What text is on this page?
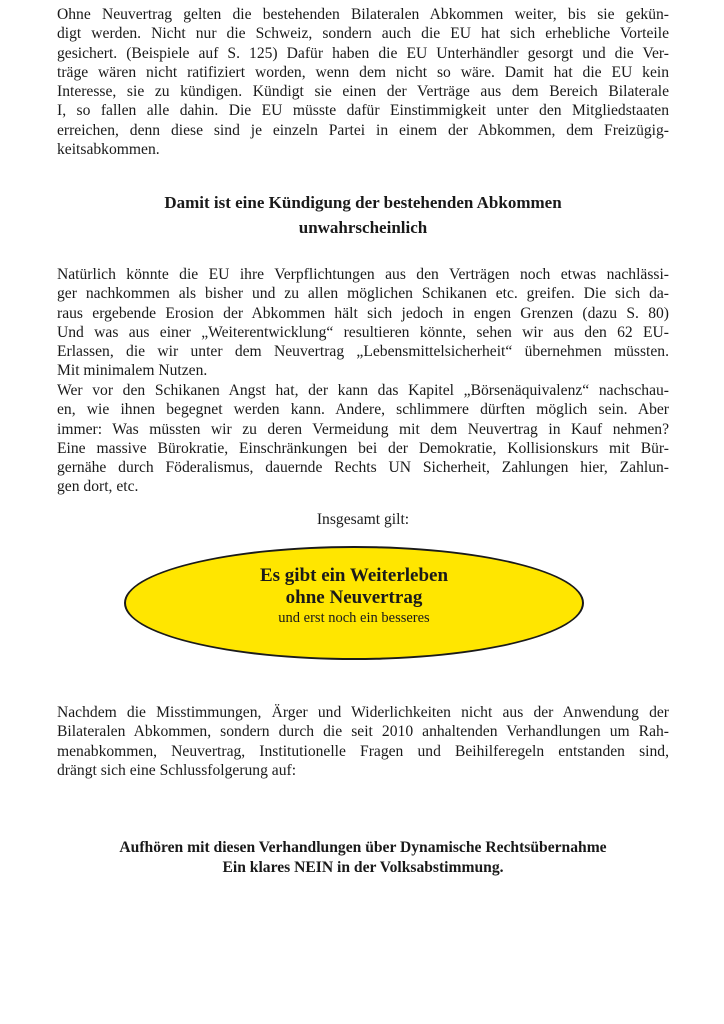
Ohne Neuvertrag gelten die bestehenden Bilateralen Abkommen weiter, bis sie gekün-
digt werden. Nicht nur die Schweiz, sondern auch die EU hat sich erhebliche Vorteile
gesichert. (Beispiele auf S. 125) Dafür haben die EU Unterhändler gesorgt und die Ver-
träge wären nicht ratifiziert worden, wenn dem nicht so wäre. Damit hat die EU kein
Interesse, sie zu kündigen. Kündigt sie einen der Verträge aus dem Bereich Bilaterale
I, so fallen alle dahin. Die EU müsste dafür Einstimmigkeit unter den Mitgliedstaaten
erreichen, denn diese sind je einzeln Partei in einem der Abkommen, dem Freizügig-
keitsabkommen.
Damit ist eine Kündigung der bestehenden Abkommen
unwahrscheinlich
Natürlich könnte die EU ihre Verpflichtungen aus den Verträgen noch etwas nachlässi-
ger nachkommen als bisher und zu allen möglichen Schikanen etc. greifen. Die sich da-
raus ergebende Erosion der Abkommen hält sich jedoch in engen Grenzen (dazu S. 80)
Und was aus einer „Weiterentwicklung“ resultieren könnte, sehen wir aus den 62 EU-
Erlassen, die wir unter dem Neuvertrag „Lebensmittelsicherheit“ übernehmen müssten.
Mit minimalem Nutzen.
Wer vor den Schikanen Angst hat, der kann das Kapitel „Börsenäquivalenz“ nachschau-
en, wie ihnen begegnet werden kann. Andere, schlimmere dürften möglich sein. Aber
immer: Was müssten wir zu deren Vermeidung mit dem Neuvertrag in Kauf nehmen?
Eine massive Bürokratie, Einschränkungen bei der Demokratie, Kollisionskurs mit Bür-
gernähe durch Föderalismus, dauernde Rechts UN Sicherheit, Zahlungen hier, Zahlun-
gen dort, etc.
Insgesamt gilt:
Es gibt ein Weiterleben
ohne Neuvertrag
und erst noch ein besseres
Nachdem die Misstimmungen, Ärger und Widerlichkeiten nicht aus der Anwendung der
Bilateralen Abkommen, sondern durch die seit 2010 anhaltenden Verhandlungen um Rah-
menabkommen, Neuvertrag, Institutionelle Fragen und Beihilferegeln entstanden sind,
drängt sich eine Schlussfolgerung auf:
Aufhören mit diesen Verhandlungen über Dynamische Rechtsübernahme
Ein klares NEIN in der Volksabstimmung.
